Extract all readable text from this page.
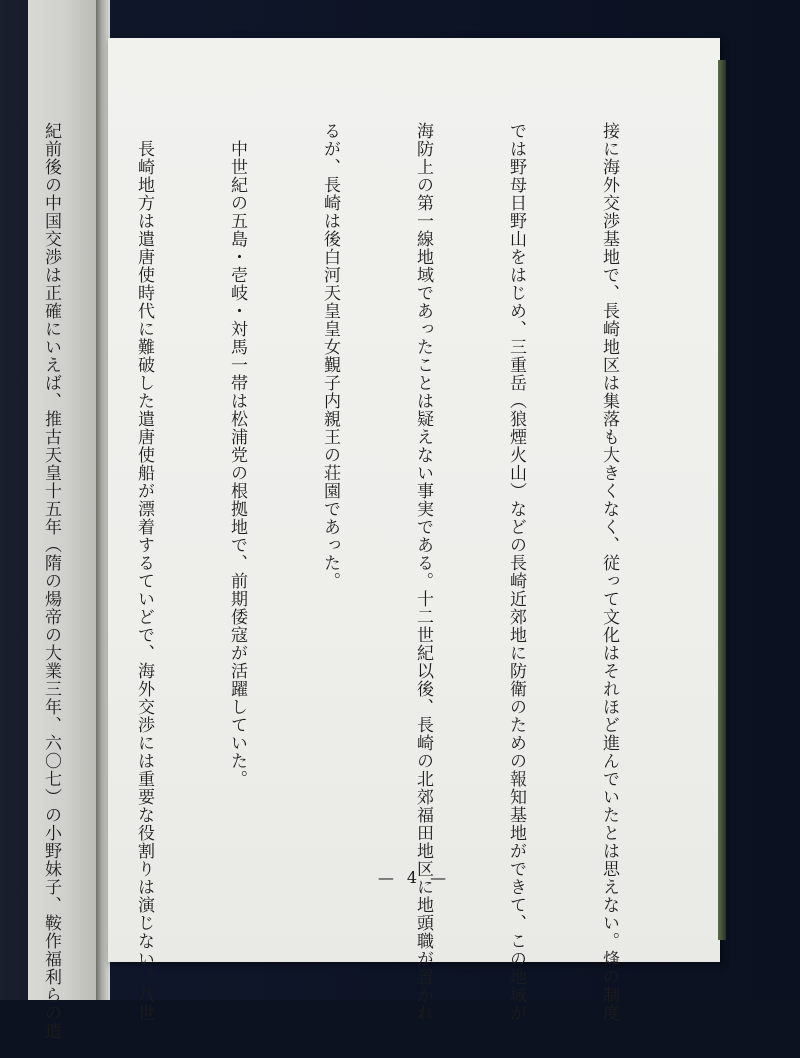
接に海外交渉基地で、長崎地区は集落も大きくなく、従って文化はそれほど進んでいたとは思えない。烽の制度

では野母日野山をはじめ、三重岳（狼煙火山）などの長崎近郊地に防衛のための報知基地ができて、この地域が

海防上の第一線地域であったことは疑えない事実である。十二世紀以後、長崎の北郊福田地区に地頭職が置かれ

るが、長崎は後白河天皇皇女覲子内親王の荘園であった。

　中世紀の五島・壱岐・対馬一帯は松浦党の根拠地で、前期倭寇が活躍していた。

　長崎地方は遣唐使時代に難破した遣唐使船が漂着するていどで、海外交渉には重要な役割りは演じない。八世

紀前後の中国交渉は正確にいえば、推古天皇十五年（隋の煬帝の大業三年、六〇七）の小野妹子、鞍作福利らの遣

	— 4 —
